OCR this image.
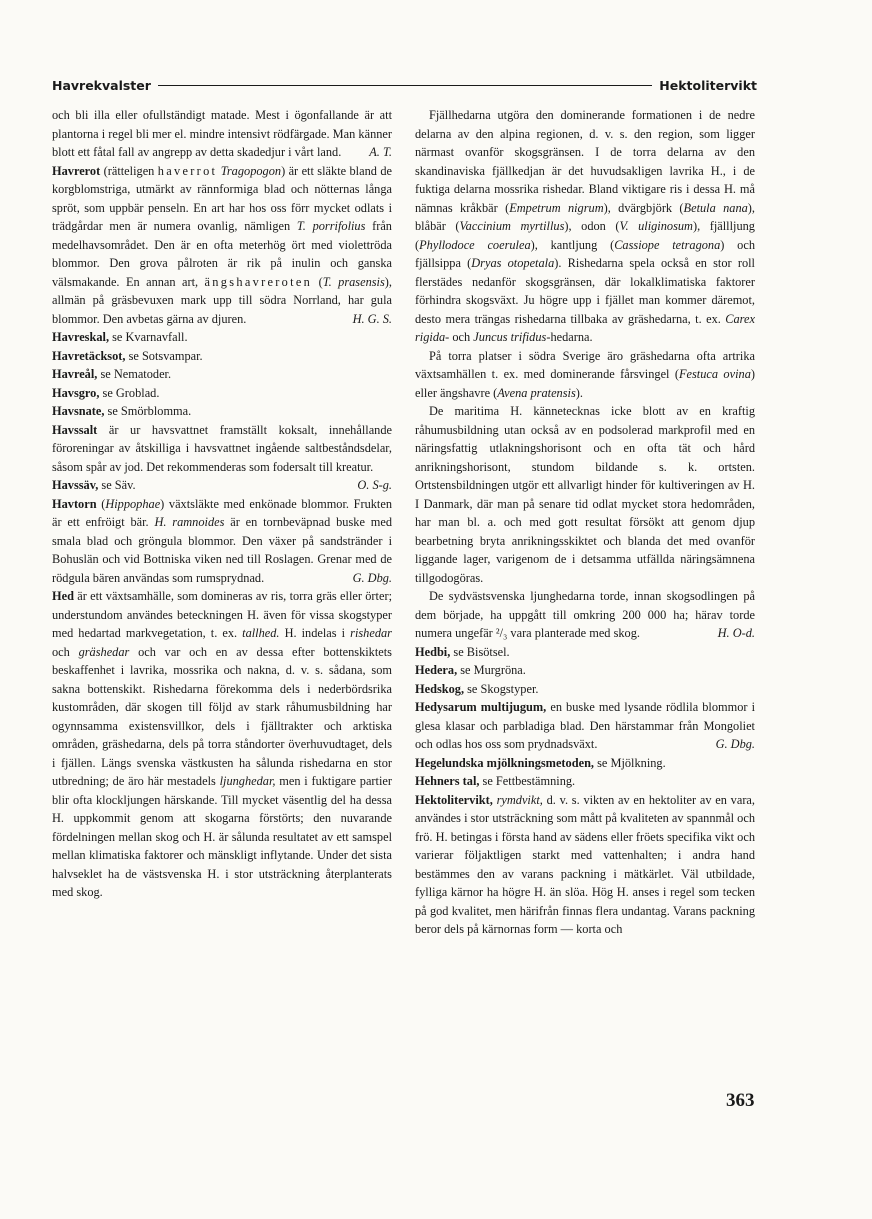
Havrekvalster	Hektolitervikt

och bli illa eller ofullständigt matade. Mest i ögonfallande är att plantorna i regel bli mer el. mindre intensivt rödfärgade. Man känner blott ett fåtal fall av angrepp av detta skadedjur i vårt land. A. T.

Havrerot (rätteligen haverrot Tragopogon) är ett släkte bland de korgblomstriga, utmärkt av rännformiga blad och nötternas långa spröt, som uppbär penseln. En art har hos oss förr mycket odlats i trädgårdar men är numera ovanlig, nämligen T. porrifolius från medelhavsområdet. Den är en ofta meterhög ört med violettröda blommor. Den grova pålroten är rik på inulin och ganska välsmakande. En annan art, ängshavreroten (T. prasensis), allmän på gräsbevuxen mark upp till södra Norrland, har gula blommor. Den avbetas gärna av djuren.	H. G. S.

Havreskal, se Kvarnavfall.

Havretäcksot, se Sotsvampar.

Havreål, se Nematoder.

Havsgro, se Groblad.

Havsnate, se Smörblomma.

Havssalt är ur havsvattnet framställt koksalt, innehållande föroreningar av åtskilliga i havsvattnet ingående saltbeståndsdelar, såsom spår av jod. Det rekommenderas som fodersalt till kreatur.
O. S-g.

Havssäv, se Säv.

Havtorn (Hippophae) växtsläkte med enkönade blommor. Frukten är ett enfröigt bär. H. ramnoides är en tornbeväpnad buske med smala blad och gröngula blommor. Den växer på sandstränder i Bohuslän och vid Bottniska viken ned till Roslagen. Grenar med de rödgula bären användas som rumsprydnad.	G. Dbg.

Hed är ett växtsamhälle, som domineras av ris, torra gräs eller örter; understundom användes beteckningen H. även för vissa skogstyper med hedartad markvegetation, t. ex. tallhed. H. indelas i rishedar och gräshedar och var och en av dessa efter bottenskiktets beskaffenhet i lavrika, mossrika och nakna, d. v. s. sådana, som sakna bottenskikt. Rishedarna förekomma dels i nederbördsrika kustområden, där skogen till följd av stark råhumusbildning har ogynnsamma existensvillkor, dels i fjälltrakter och arktiska områden, gräshedarna, dels på torra ståndorter överhuvudtaget, dels i fjällen. Längs svenska västkusten ha sålunda rishedarna en stor utbredning; de äro här mestadels ljunghedar, men i fuktigare partier blir ofta klockljungen härskande. Till mycket väsentlig del ha dessa H. uppkommit genom att skogarna förstörts; den nuvarande fördelningen mellan skog och H. är sålunda resultatet av ett samspel mellan klimatiska faktorer och mänskligt inflytande. Under det sista halvseklet ha de västsvenska H. i stor utsträckning återplanterats med skog.

Fjällhedarna utgöra den dominerande formationen i de nedre delarna av den alpina regionen, d. v. s. den region, som ligger närmast ovanför skogsgränsen. I de torra delarna av den skandinaviska fjällkedjan är det huvudsakligen lavrika H., i de fuktiga delarna mossrika rishedar. Bland viktigare ris i dessa H. må nämnas kråkbär (Empetrum nigrum), dvärgbjörk (Betula nana), blåbär (Vaccinium myrtillus), odon (V. uliginosum), fjällljung (Phyllodoce coerulea), kantljung (Cassiope tetragona) och fjällsippa (Dryas otopetala). Rishedarna spela också en stor roll flerstädes nedanför skogsgränsen, där lokalklimatiska faktorer förhindra skogsväxt. Ju högre upp i fjället man kommer däremot, desto mera trängas rishedarna tillbaka av gräshedarna, t. ex. Carex rigida- och Juncus trifidus-hedarna.

På torra platser i södra Sverige äro gräshedarna ofta artrika växtsamhällen t. ex. med dominerande fårsvingel (Festuca ovina) eller ängshavre (Avena pratensis).

De maritima H. kännetecknas icke blott av en kraftig råhumusbildning utan också av en podsolerad markprofil med en näringsfattig utlakningshorisont och en ofta tät och hård anrikningshorisont, stundom bildande s. k. ortsten. Ortstensbildningen utgör ett allvarligt hinder för kultiveringen av H. I Danmark, där man på senare tid odlat mycket stora hedområden, har man bl. a. och med gott resultat försökt att genom djup bearbetning bryta anrikningsskiktet och blanda det med ovanför liggande lager, varigenom de i detsamma utfällda näringsämnena tillgodogöras.

De sydvästsvenska ljunghedarna torde, innan skogsodlingen på dem började, ha uppgått till omkring 200 000 ha; härav torde numera ungefär ²/₃ vara planterade med skog.	H. O-d.

Hedbi, se Bisötsel.

Hedera, se Murgröna.

Hedskog, se Skogstyper.

Hedysarum multijugum, en buske med lysande rödlila blommor i glesa klasar och parbladiga blad. Den härstammar från Mongoliet och odlas hos oss som prydnadsväxt.	G. Dbg.

Hegelundska mjölkningsmetoden, se Mjölkning.

Hehners tal, se Fettbestämning.

Hektolitervikt, rymdvikt, d. v. s. vikten av en hektoliter av en vara, användes i stor utsträckning som mått på kvaliteten av spannmål och frö. H. betingas i första hand av sädens eller fröets specifika vikt och varierar följaktligen starkt med vattenhalten; i andra hand bestämmes den av varans packning i mätkärlet. Väl utbildade, fylliga kärnor ha högre H. än slöa. Hög H. anses i regel som tecken på god kvalitet, men härifrån finnas flera undantag. Varans packning beror dels på kärnornas form — korta och

363
